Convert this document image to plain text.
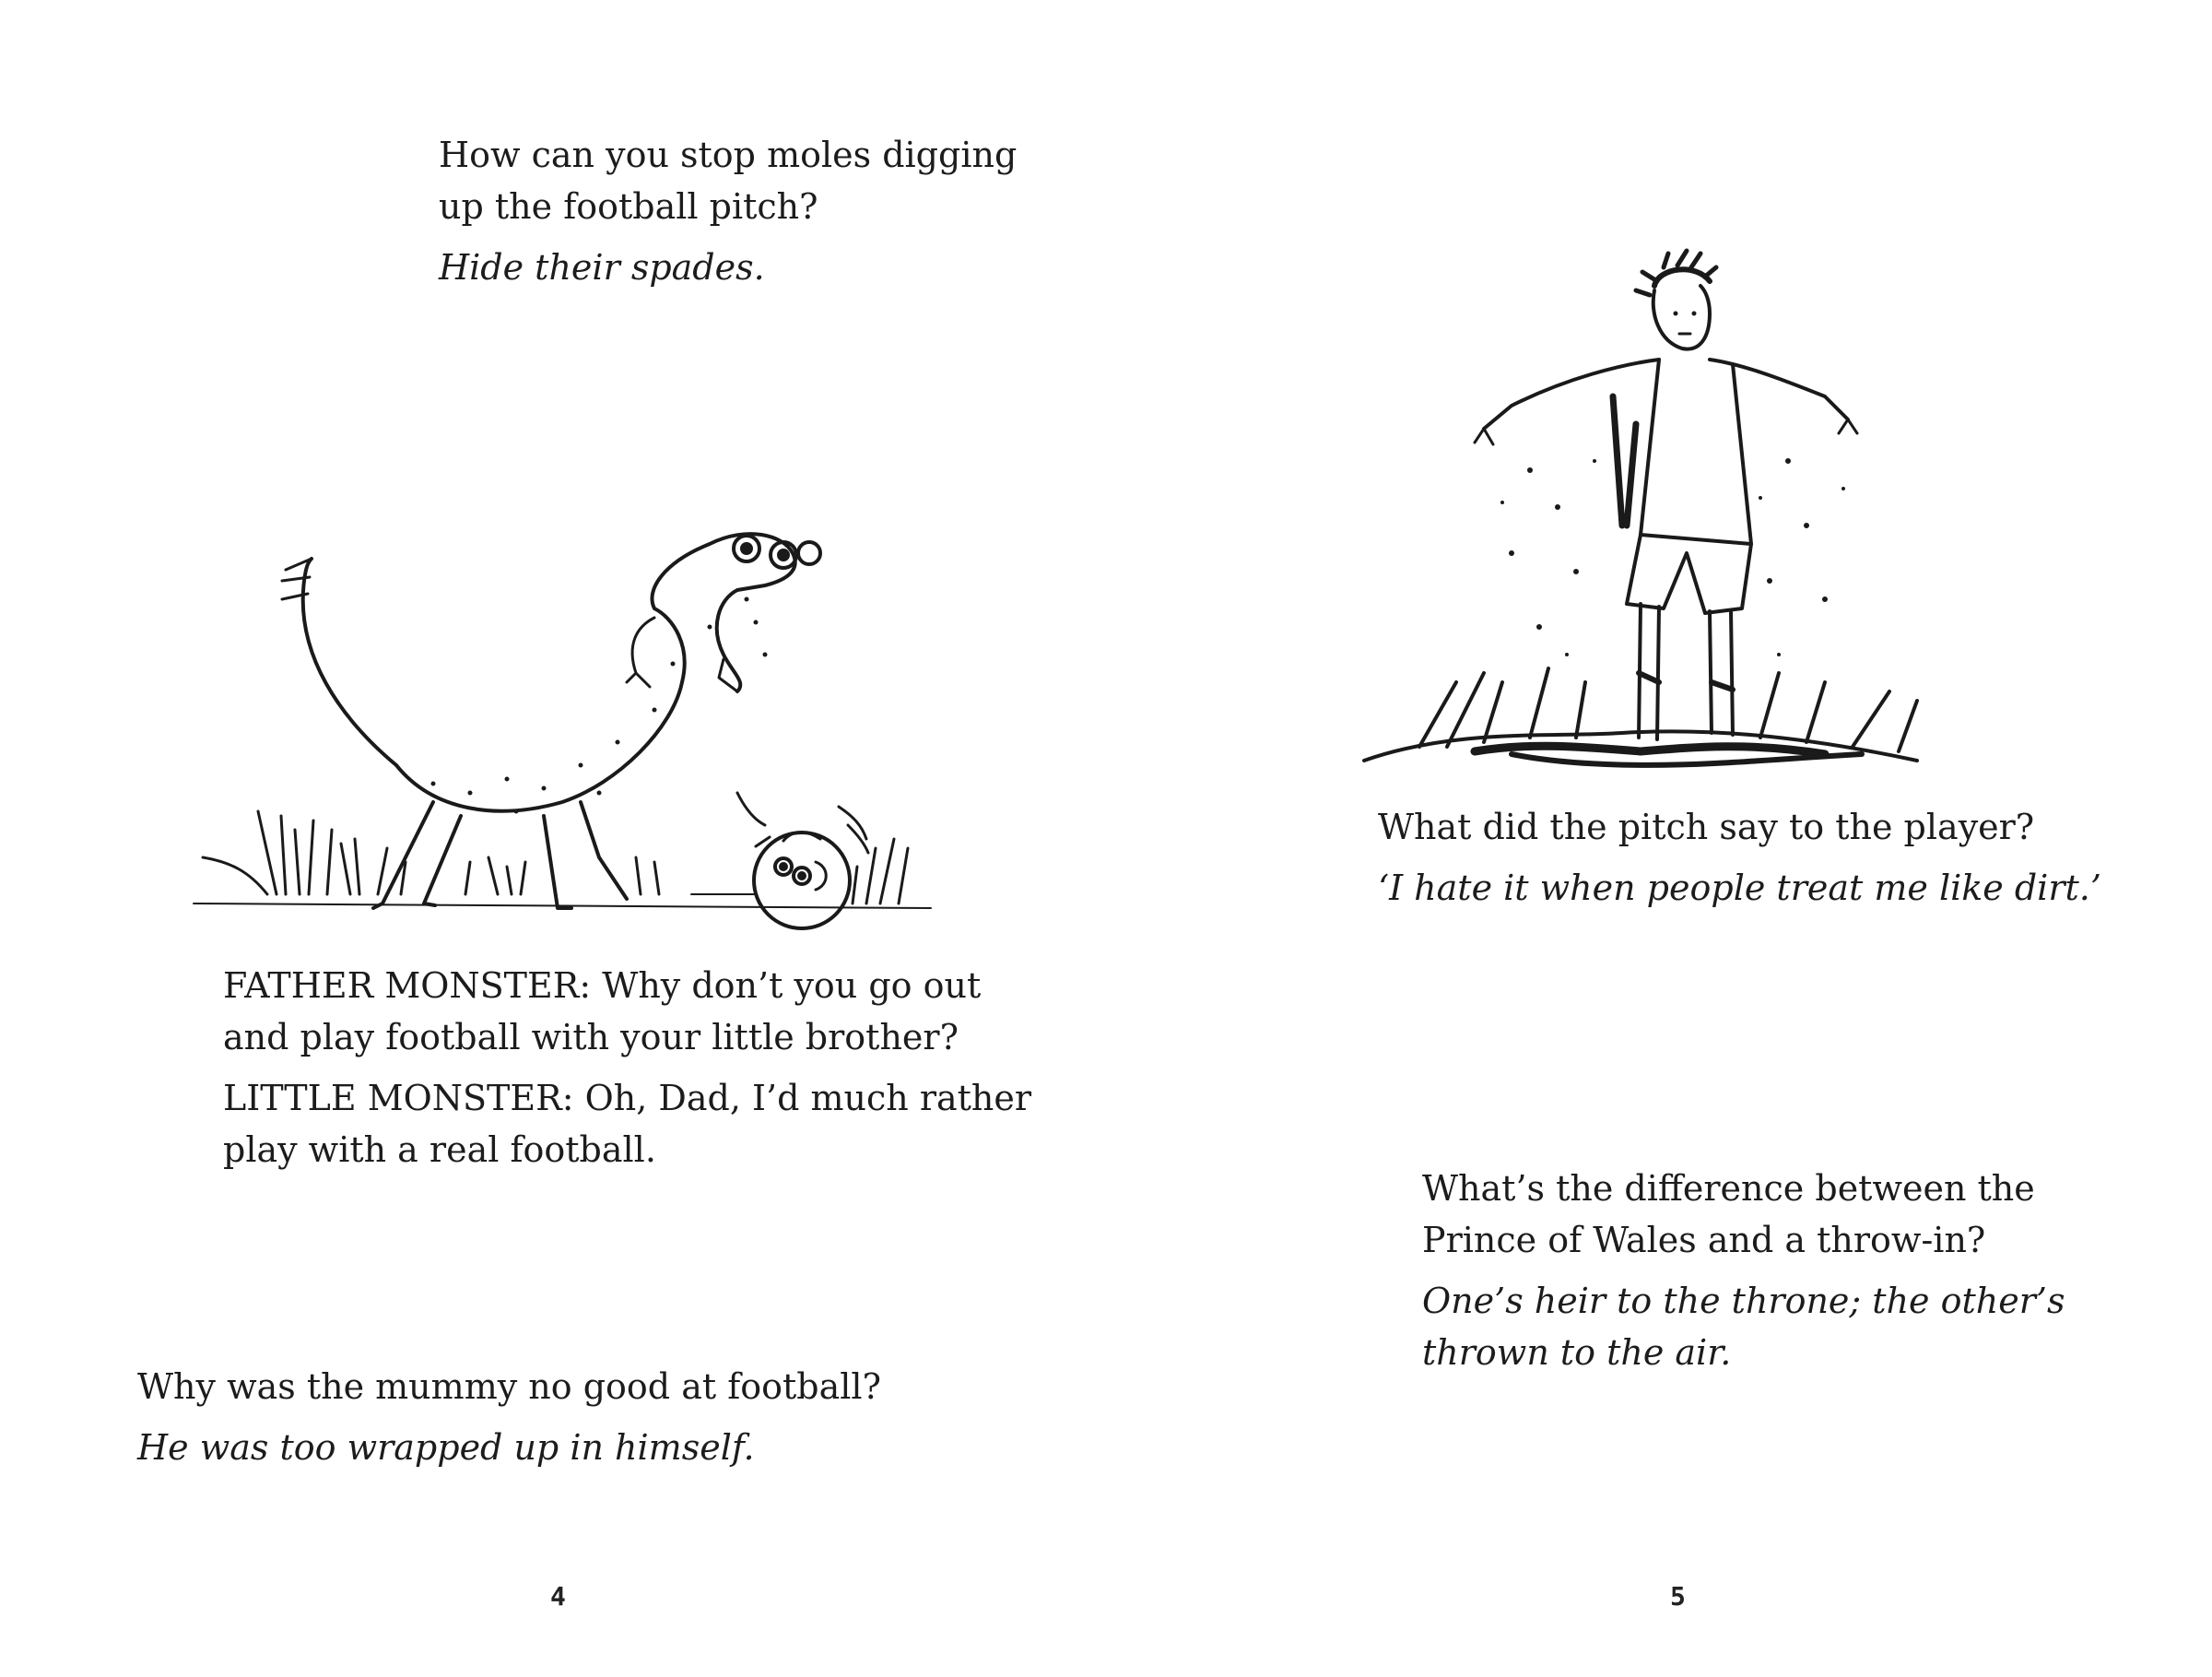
How can you stop moles digging
up the football pitch?
Hide their spades.
FATHER MONSTER: Why don’t you go out
and play football with your little brother?
LITTLE MONSTER: Oh, Dad, I’d much rather
play with a real football.
Why was the mummy no good at football?
He was too wrapped up in himself.
4
What did the pitch say to the player?
‘I hate it when people treat me like dirt.’
What’s the difference between the
Prince of Wales and a throw-in?
One’s heir to the throne; the other’s
thrown to the air.
5
